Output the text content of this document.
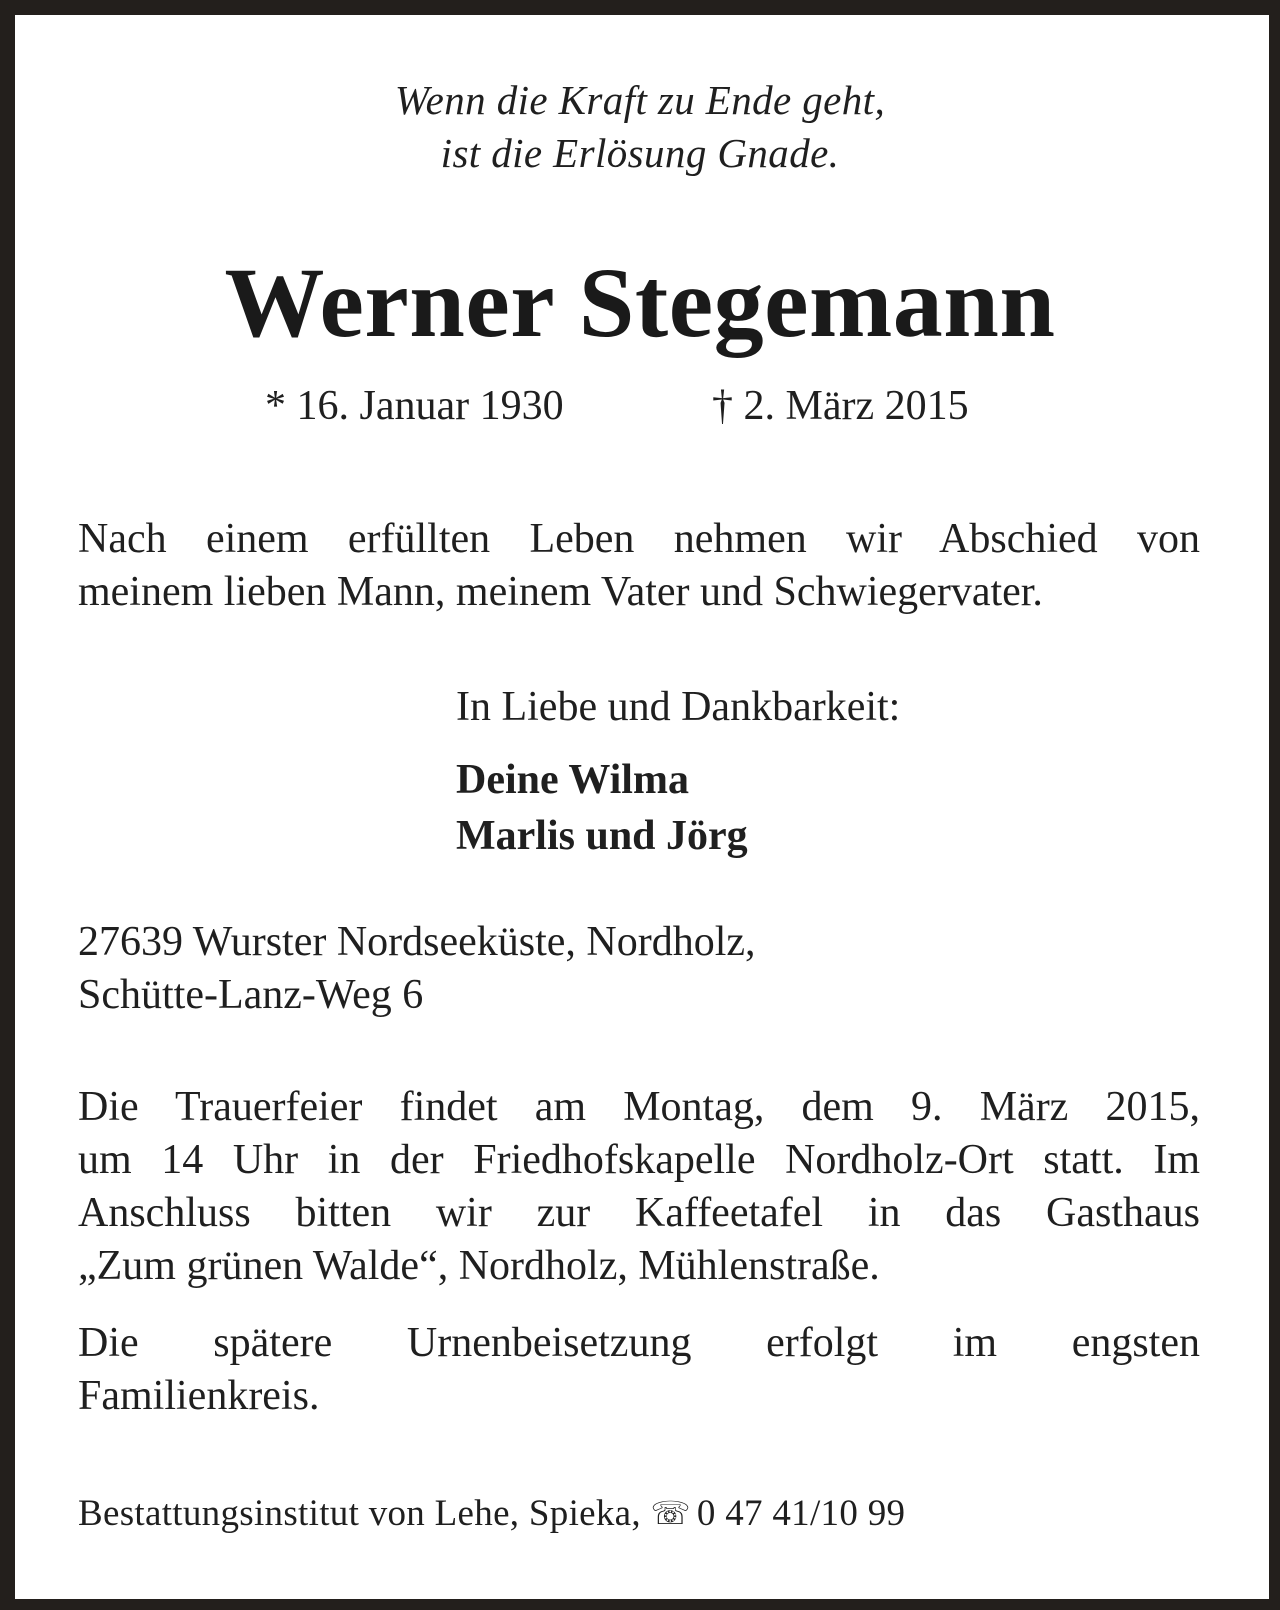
Wenn die Kraft zu Ende geht,
ist die Erlösung Gnade.
Werner Stegemann
* 16. Januar 1930	† 2. März 2015
Nach einem erfüllten Leben nehmen wir Abschied von
meinem lieben Mann, meinem Vater und Schwiegervater.
In Liebe und Dankbarkeit:
Deine Wilma
Marlis und Jörg
27639 Wurster Nordseeküste, Nordholz,
Schütte-Lanz-Weg 6
Die Trauerfeier findet am Montag, dem 9. März 2015,
um 14 Uhr in der Friedhofskapelle Nordholz-Ort statt. Im
Anschluss bitten wir zur Kaffeetafel in das Gasthaus
„Zum grünen Walde“, Nordholz, Mühlenstraße.
Die spätere Urnenbeisetzung erfolgt im engsten
Familienkreis.
Bestattungsinstitut von Lehe, Spieka, ☏ 0 47 41/10 99
